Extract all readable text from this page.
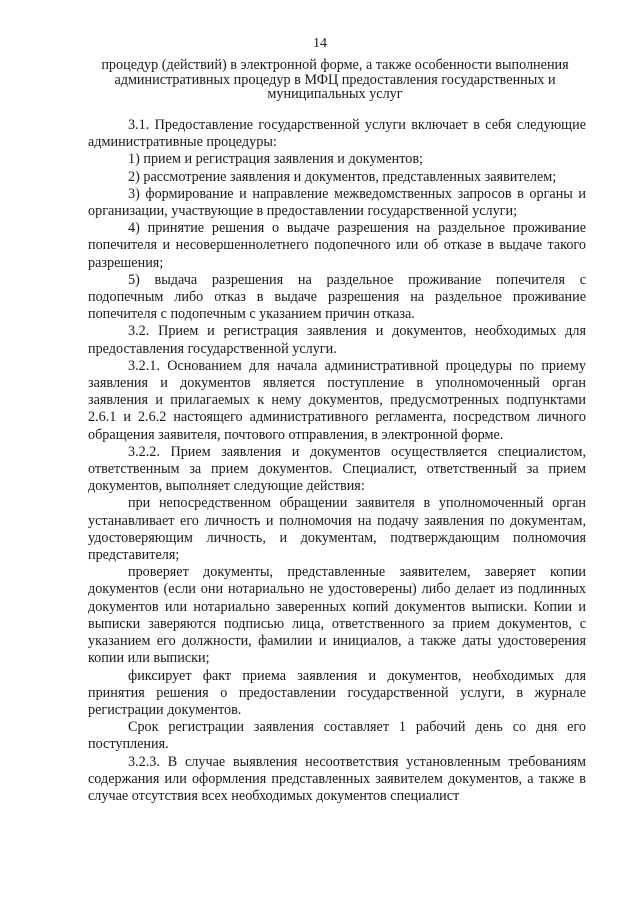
14
процедур (действий) в электронной форме, а также особенности выполнения административных процедур в МФЦ предоставления государственных и муниципальных услуг

3.1. Предоставление государственной услуги включает в себя следующие административные процедуры:

1) прием и регистрация заявления и документов;

2) рассмотрение заявления и документов, представленных заявителем;

3) формирование и направление межведомственных запросов в органы и организации, участвующие в предоставлении государственной услуги;

4) принятие решения о выдаче разрешения на раздельное проживание попечителя и несовершеннолетнего подопечного или об отказе в выдаче такого разрешения;

5) выдача разрешения на раздельное проживание попечителя с подопечным либо отказ в выдаче разрешения на раздельное проживание попечителя с подопечным с указанием причин отказа.

3.2. Прием и регистрация заявления и документов, необходимых для предоставления государственной услуги.

3.2.1. Основанием для начала административной процедуры по приему заявления и документов является поступление в уполномоченный орган заявления и прилагаемых к нему документов, предусмотренных подпунктами 2.6.1 и 2.6.2 настоящего административного регламента, посредством личного обращения заявителя, почтового отправления, в электронной форме.

3.2.2. Прием заявления и документов осуществляется специалистом, ответственным за прием документов. Специалист, ответственный за прием документов, выполняет следующие действия:

при непосредственном обращении заявителя в уполномоченный орган устанавливает его личность и полномочия на подачу заявления по документам, удостоверяющим личность, и документам, подтверждающим полномочия представителя;

проверяет документы, представленные заявителем, заверяет копии документов (если они нотариально не удостоверены) либо делает из подлинных документов или нотариально заверенных копий документов выписки. Копии и выписки заверяются подписью лица, ответственного за прием документов, с указанием его должности, фамилии и инициалов, а также даты удостоверения копии или выписки;

фиксирует факт приема заявления и документов, необходимых для принятия решения о предоставлении государственной услуги, в журнале регистрации документов.

Срок регистрации заявления составляет 1 рабочий день со дня его поступления.

3.2.3. В случае выявления несоответствия установленным требованиям содержания или оформления представленных заявителем документов, а также в случае отсутствия всех необходимых документов специалист
